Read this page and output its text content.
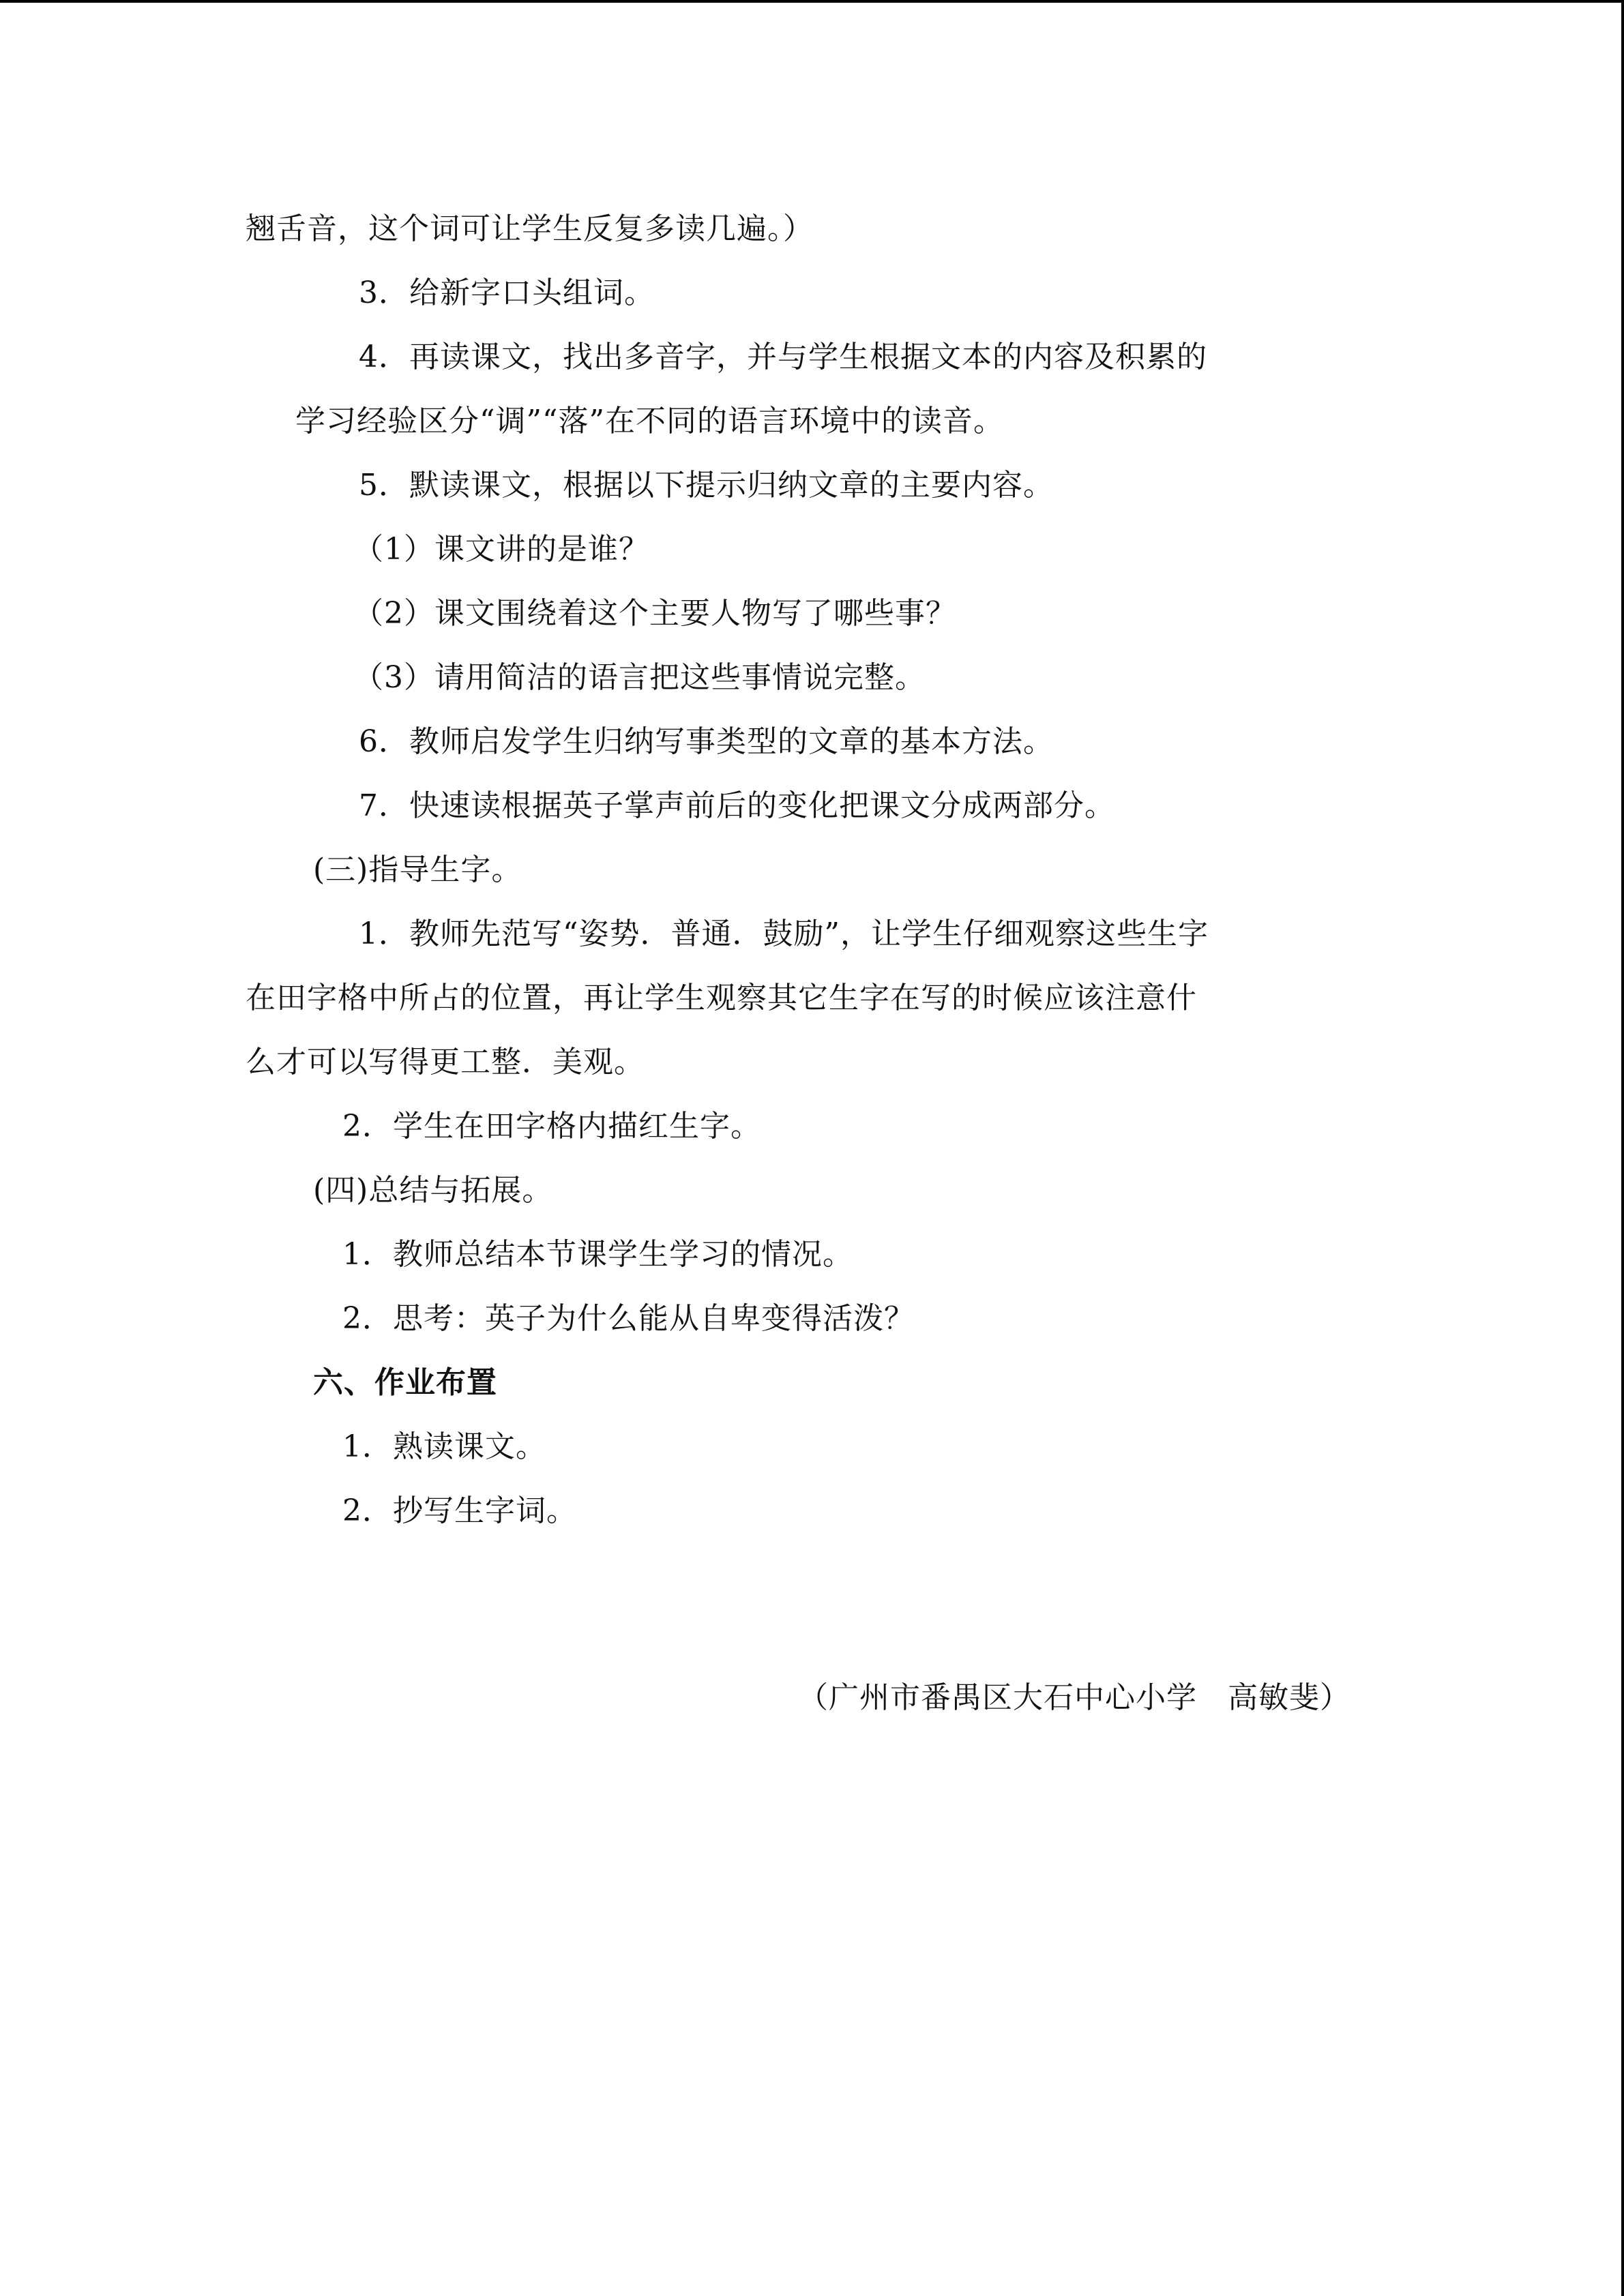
翘舌音，这个词可让学生反复多读几遍。）
3．给新字口头组词。
4．再读课文，找出多音字，并与学生根据文本的内容及积累的
学习经验区分“调”“落”在不同的语言环境中的读音。
5．默读课文，根据以下提示归纳文章的主要内容。
（1）课文讲的是谁？
（2）课文围绕着这个主要人物写了哪些事？
（3）请用简洁的语言把这些事情说完整。
6．教师启发学生归纳写事类型的文章的基本方法。
7．快速读根据英子掌声前后的变化把课文分成两部分。
(三)指导生字。
1．教师先范写“姿势．普通．鼓励”，让学生仔细观察这些生字
在田字格中所占的位置，再让学生观察其它生字在写的时候应该注意什
么才可以写得更工整．美观。
2．学生在田字格内描红生字。
(四)总结与拓展。
1．教师总结本节课学生学习的情况。
2．思考：英子为什么能从自卑变得活泼？
六、作业布置
1．熟读课文。
2．抄写生字词。
（广州市番禺区大石中心小学　高敏斐）
